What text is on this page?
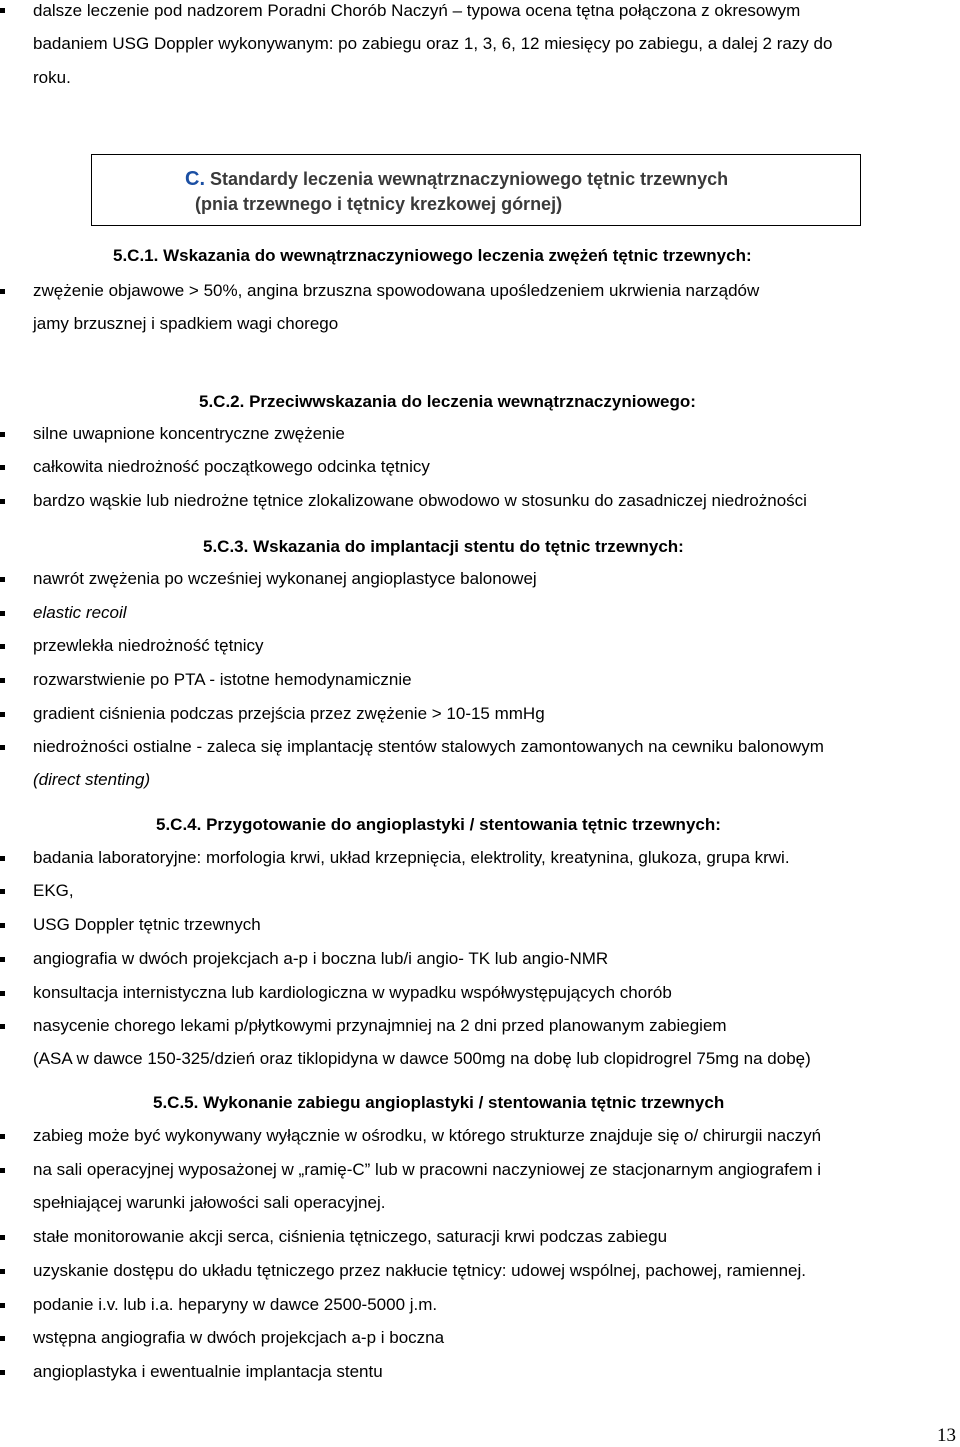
dalsze leczenie pod nadzorem Poradni Chorób Naczyń – typowa ocena tętna połączona z okresowym
badaniem USG Doppler wykonywanym: po zabiegu oraz 1, 3, 6, 12 miesięcy po zabiegu, a dalej 2 razy do
roku.
C. Standardy leczenia wewnątrznaczyniowego tętnic trzewnych
(pnia trzewnego i tętnicy krezkowej górnej)
5.C.1. Wskazania do wewnątrznaczyniowego leczenia zwężeń tętnic trzewnych:
zwężenie objawowe > 50%, angina brzuszna spowodowana upośledzeniem ukrwienia narządów
jamy brzusznej i spadkiem wagi chorego
5.C.2. Przeciwwskazania do leczenia wewnątrznaczyniowego:
silne uwapnione koncentryczne zwężenie
całkowita niedrożność początkowego odcinka tętnicy
bardzo wąskie lub niedrożne tętnice zlokalizowane obwodowo w stosunku do zasadniczej niedrożności
5.C.3. Wskazania do implantacji stentu do tętnic trzewnych:
nawrót zwężenia po wcześniej wykonanej angioplastyce balonowej
elastic recoil
przewlekła niedrożność tętnicy
rozwarstwienie po PTA - istotne hemodynamicznie
gradient ciśnienia podczas przejścia przez zwężenie > 10-15 mmHg
niedrożności ostialne - zaleca się implantację stentów stalowych zamontowanych na cewniku balonowym
(direct stenting)
5.C.4. Przygotowanie do angioplastyki / stentowania tętnic trzewnych:
badania laboratoryjne: morfologia krwi, układ krzepnięcia, elektrolity, kreatynina, glukoza, grupa krwi.
EKG,
USG Doppler tętnic trzewnych
angiografia w dwóch projekcjach a-p i boczna lub/i angio- TK lub angio-NMR
konsultacja internistyczna lub kardiologiczna w wypadku współwystępujących chorób
nasycenie chorego lekami p/płytkowymi przynajmniej na 2 dni przed planowanym zabiegiem
(ASA w dawce 150-325/dzień oraz tiklopidyna w dawce 500mg na dobę lub clopidrogrel 75mg na dobę)
5.C.5. Wykonanie zabiegu angioplastyki / stentowania tętnic trzewnych
zabieg może być wykonywany wyłącznie w ośrodku, w którego strukturze znajduje się o/ chirurgii naczyń
na sali operacyjnej wyposażonej w „ramię-C” lub w pracowni naczyniowej ze stacjonarnym angiografem i
spełniającej warunki jałowości sali operacyjnej.
stałe monitorowanie akcji serca, ciśnienia tętniczego, saturacji krwi podczas zabiegu
uzyskanie dostępu do układu tętniczego przez nakłucie tętnicy: udowej wspólnej, pachowej, ramiennej.
podanie i.v. lub i.a. heparyny w dawce 2500-5000 j.m.
wstępna angiografia w dwóch projekcjach a-p i boczna
angioplastyka i ewentualnie implantacja stentu
13
